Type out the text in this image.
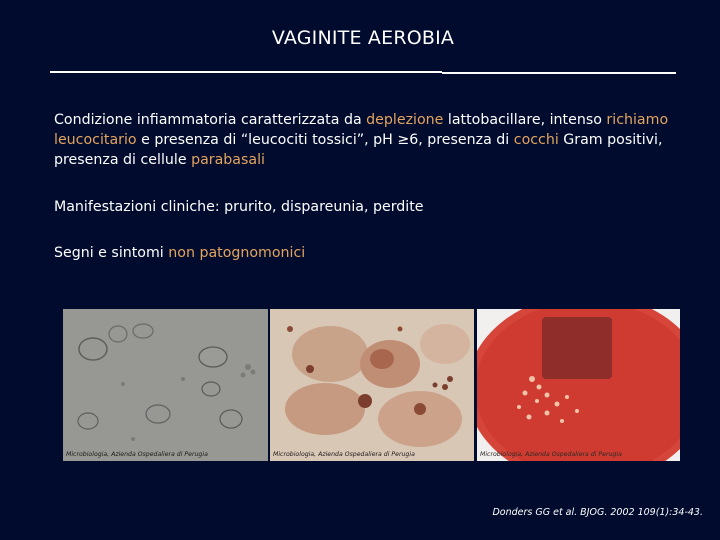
VAGINITE AEROBIA
Condizione infiammatoria caratterizzata da deplezione lattobacillare, intenso richiamo leucocitario e presenza di “leucociti tossici”, pH ≥6, presenza di cocchi Gram positivi, presenza di cellule parabasali
Manifestazioni cliniche: prurito, dispareunia, perdite
Segni e sintomi non patognomonici
Microbiologia, Azienda Ospedaliera di Perugia	Microbiologia, Azienda Ospedaliera di Perugia	Microbiologia, Azienda Ospedaliera di Perugia
Donders GG et al. BJOG. 2002 109(1):34-43.
